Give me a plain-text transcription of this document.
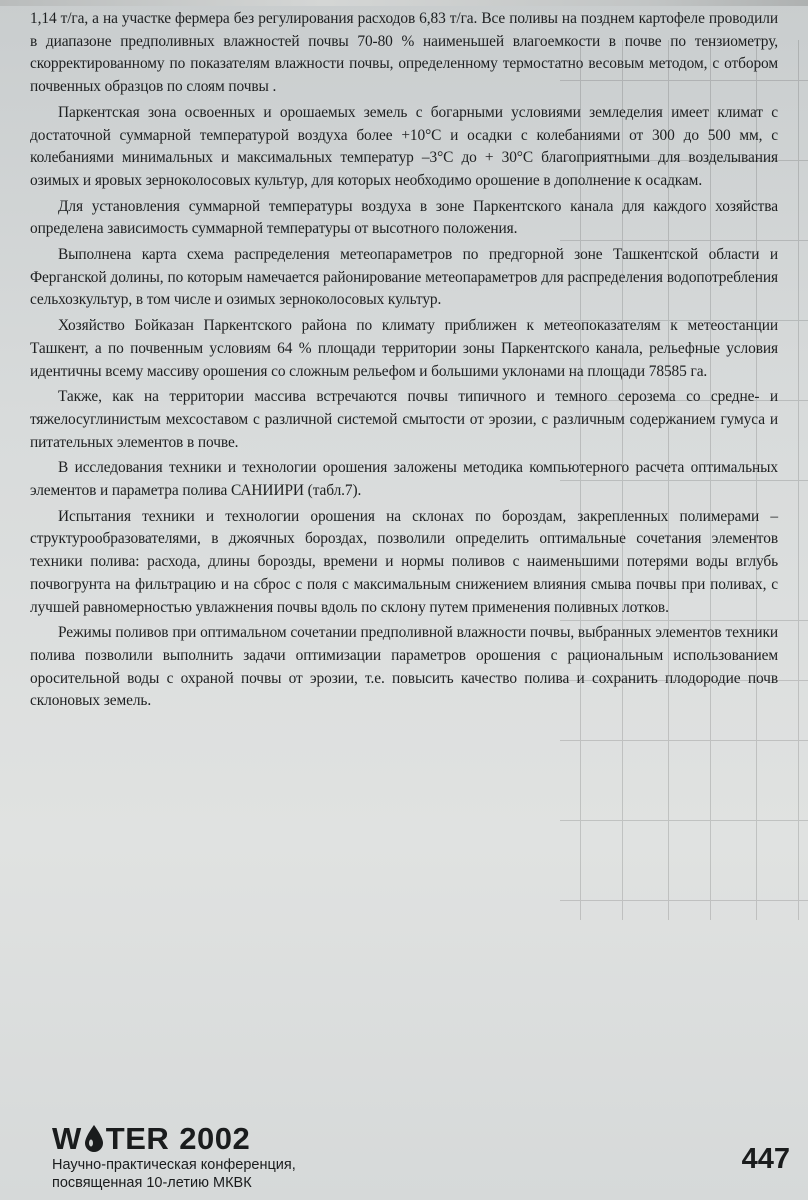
1,14 т/га, а на участке фермера без регулирования расходов 6,83 т/га. Все поливы на позднем картофеле проводили в диапазоне предполивных влажностей почвы 70-80 % наименьшей влагоемкости в почве по тензиометру, скорректированному по показателям влажности почвы, определенному термостатно весовым методом, с отбором почвенных образцов по слоям почвы .

Паркентская зона освоенных и орошаемых земель с богарными условиями земледелия имеет климат с достаточной суммарной температурой воздуха более +10°С и осадки с колебаниями от 300 до 500 мм, с колебаниями минимальных и максимальных температур –3°С до + 30°С благоприятными для возделывания озимых и яровых зерноколосовых культур, для которых необходимо орошение в дополнение к осадкам.

Для установления суммарной температуры воздуха в зоне Паркентского канала для каждого хозяйства определена зависимость суммарной температуры от высотного положения.

Выполнена карта схема распределения метеопараметров по предгорной зоне Ташкентской области и Ферганской долины, по которым намечается районирование метеопараметров для распределения водопотребления сельхозкультур, в том числе и озимых зерноколосовых культур.

Хозяйство Бойказан Паркентского района по климату приближен к метеопоказателям к метеостанции Ташкент, а по почвенным условиям 64 % площади территории зоны Паркентского канала, рельефные условия идентичны всему массиву орошения со сложным рельефом и большими уклонами на площади 78585 га.

Также, как на территории массива встречаются почвы типичного и темного серозема со средне- и тяжелосуглинистым мехсоставом с различной системой смытости от эрозии, с различным содержанием гумуса и питательных элементов в почве.

В исследования техники и технологии орошения заложены методика компьютерного расчета оптимальных элементов и параметра полива САНИИРИ (табл.7).

Испытания техники и технологии орошения на склонах по бороздам, закрепленных полимерами – структурообразователями, в джоячных бороздах, позволили определить оптимальные сочетания элементов техники полива: расхода, длины борозды, времени и нормы поливов с наименьшими потерями воды вглубь почвогрунта на фильтрацию и на сброс с поля с максимальным снижением влияния смыва почвы при поливах, с лучшей равномерностью увлажнения почвы вдоль по склону путем применения поливных лотков.

Режимы поливов при оптимальном сочетании предполивной влажности почвы, выбранных элементов техники полива позволили выполнить задачи оптимизации параметров орошения с рациональным использованием оросительной воды с охраной почвы от эрозии, т.е. повысить качество полива и сохранить плодородие почв склоновых земель.

W TER 2002
Научно-практическая конференция,
посвященная 10-летию МКВК
447
